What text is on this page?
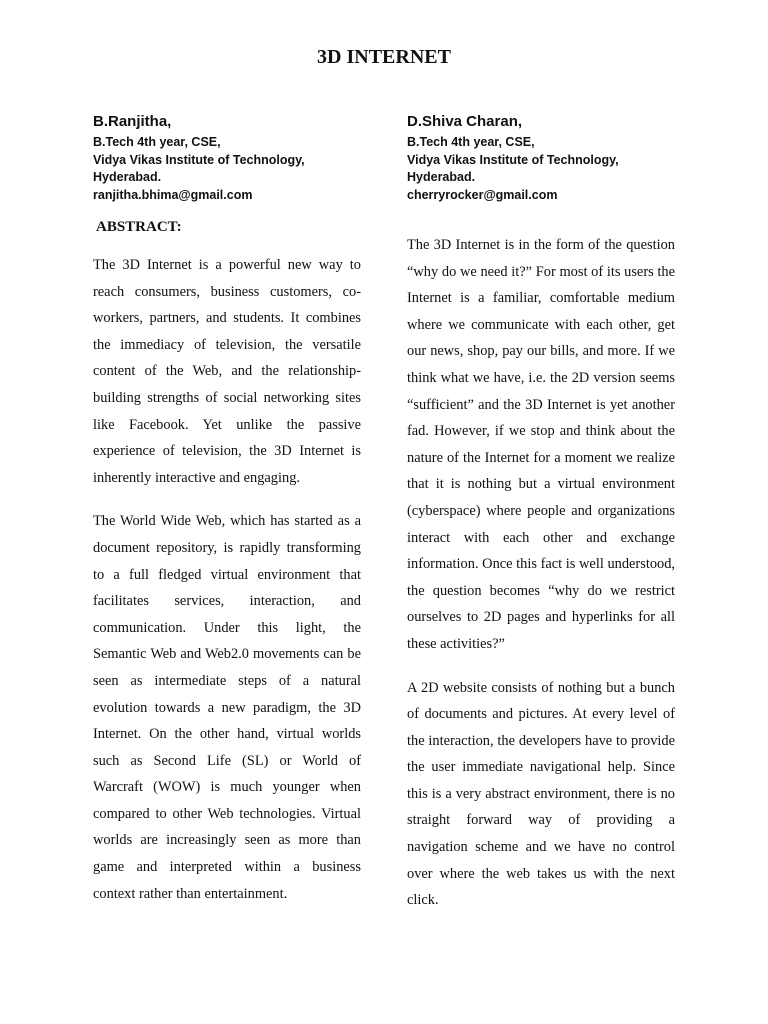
3D INTERNET
B.Ranjitha,
B.Tech 4th year, CSE,
Vidya Vikas Institute of Technology,
Hyderabad.
ranjitha.bhima@gmail.com
D.Shiva Charan,
B.Tech 4th year, CSE,
Vidya Vikas Institute of Technology,
Hyderabad.
cherryrocker@gmail.com
ABSTRACT:

The 3D Internet is a powerful new way to reach consumers, business customers, co-workers, partners, and students. It combines the immediacy of television, the versatile content of the Web, and the relationship-building strengths of social networking sites like Facebook. Yet unlike the passive experience of television, the 3D Internet is inherently interactive and engaging.

The World Wide Web, which has started as a document repository, is rapidly transforming to a full fledged virtual environment that facilitates services, interaction, and communication. Under this light, the Semantic Web and Web2.0 movements can be seen as intermediate steps of a natural evolution towards a new paradigm, the 3D Internet. On the other hand, virtual worlds such as Second Life (SL) or World of Warcraft (WOW) is much younger when compared to other Web technologies. Virtual worlds are increasingly seen as more than game and interpreted within a business context rather than entertainment.

The 3D Internet is in the form of the question “why do we need it?” For most of its users the Internet is a familiar, comfortable medium where we communicate with each other, get our news, shop, pay our bills, and more. If we think what we have, i.e. the 2D version seems “sufficient” and the 3D Internet is yet another fad. However, if we stop and think about the nature of the Internet for a moment we realize that it is nothing but a virtual environment (cyberspace) where people and organizations interact with each other and exchange information. Once this fact is well understood, the question becomes “why do we restrict ourselves to 2D pages and hyperlinks for all these activities?”

A 2D website consists of nothing but a bunch of documents and pictures. At every level of the interaction, the developers have to provide the user immediate navigational help. Since this is a very abstract environment, there is no straight forward way of providing a navigation scheme and we have no control over where the web takes us with the next click.
